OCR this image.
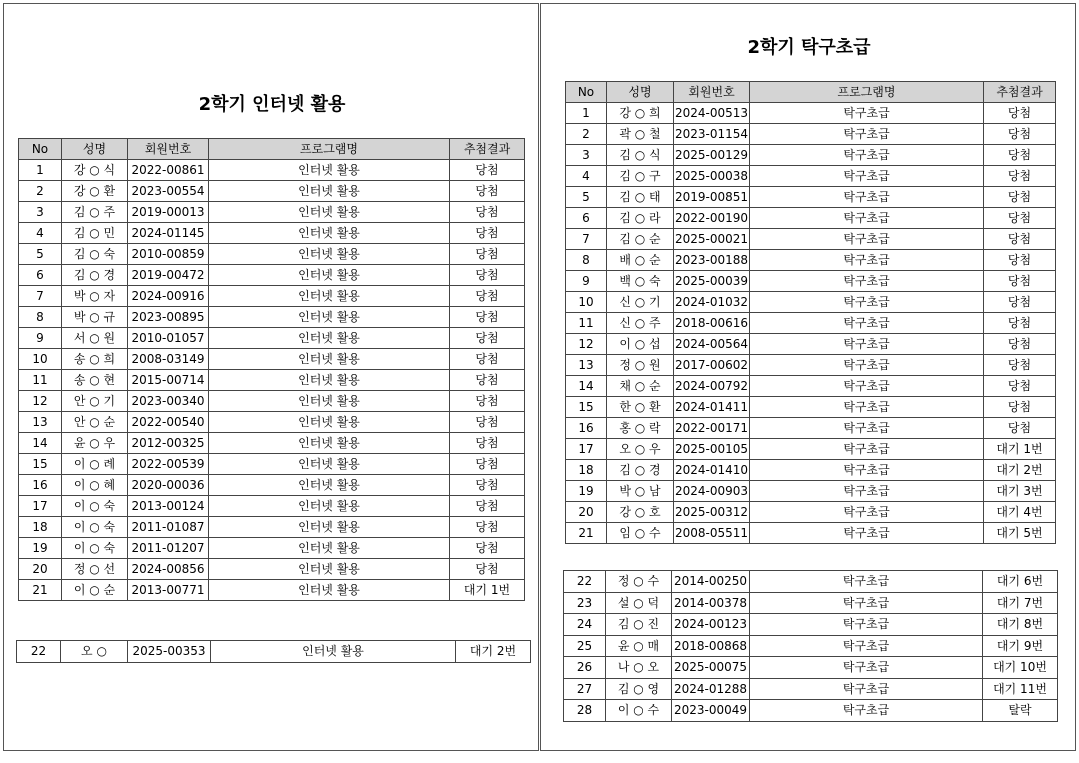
2학기 인터넷 활용
No	성명	회원번호	프로그램명	추첨결과
1	강 ○ 식	2022-00861	인터넷 활용	당첨
2	강 ○ 환	2023-00554	인터넷 활용	당첨
3	김 ○ 주	2019-00013	인터넷 활용	당첨
4	김 ○ 민	2024-01145	인터넷 활용	당첨
5	김 ○ 숙	2010-00859	인터넷 활용	당첨
6	김 ○ 경	2019-00472	인터넷 활용	당첨
7	박 ○ 자	2024-00916	인터넷 활용	당첨
8	박 ○ 규	2023-00895	인터넷 활용	당첨
9	서 ○ 원	2010-01057	인터넷 활용	당첨
10	송 ○ 희	2008-03149	인터넷 활용	당첨
11	송 ○ 현	2015-00714	인터넷 활용	당첨
12	안 ○ 기	2023-00340	인터넷 활용	당첨
13	안 ○ 순	2022-00540	인터넷 활용	당첨
14	윤 ○ 우	2012-00325	인터넷 활용	당첨
15	이 ○ 례	2022-00539	인터넷 활용	당첨
16	이 ○ 혜	2020-00036	인터넷 활용	당첨
17	이 ○ 숙	2013-00124	인터넷 활용	당첨
18	이 ○ 숙	2011-01087	인터넷 활용	당첨
19	이 ○ 숙	2011-01207	인터넷 활용	당첨
20	정 ○ 선	2024-00856	인터넷 활용	당첨
21	이 ○ 순	2013-00771	인터넷 활용	대기 1번
22	오 ○	2025-00353	인터넷 활용	대기 2번
2학기 탁구초급
No	성명	회원번호	프로그램명	추첨결과
1	강 ○ 희	2024-00513	탁구초급	당첨
2	곽 ○ 철	2023-01154	탁구초급	당첨
3	김 ○ 식	2025-00129	탁구초급	당첨
4	김 ○ 구	2025-00038	탁구초급	당첨
5	김 ○ 태	2019-00851	탁구초급	당첨
6	김 ○ 라	2022-00190	탁구초급	당첨
7	김 ○ 순	2025-00021	탁구초급	당첨
8	배 ○ 순	2023-00188	탁구초급	당첨
9	백 ○ 숙	2025-00039	탁구초급	당첨
10	신 ○ 기	2024-01032	탁구초급	당첨
11	신 ○ 주	2018-00616	탁구초급	당첨
12	이 ○ 섭	2024-00564	탁구초급	당첨
13	정 ○ 원	2017-00602	탁구초급	당첨
14	채 ○ 순	2024-00792	탁구초급	당첨
15	한 ○ 환	2024-01411	탁구초급	당첨
16	홍 ○ 락	2022-00171	탁구초급	당첨
17	오 ○ 우	2025-00105	탁구초급	대기 1번
18	김 ○ 경	2024-01410	탁구초급	대기 2번
19	박 ○ 남	2024-00903	탁구초급	대기 3번
20	강 ○ 호	2025-00312	탁구초급	대기 4번
21	임 ○ 수	2008-05511	탁구초급	대기 5번
22	정 ○ 수	2014-00250	탁구초급	대기 6번
23	설 ○ 덕	2014-00378	탁구초급	대기 7번
24	김 ○ 진	2024-00123	탁구초급	대기 8번
25	윤 ○ 매	2018-00868	탁구초급	대기 9번
26	나 ○ 오	2025-00075	탁구초급	대기 10번
27	김 ○ 영	2024-01288	탁구초급	대기 11번
28	이 ○ 수	2023-00049	탁구초급	탈락
